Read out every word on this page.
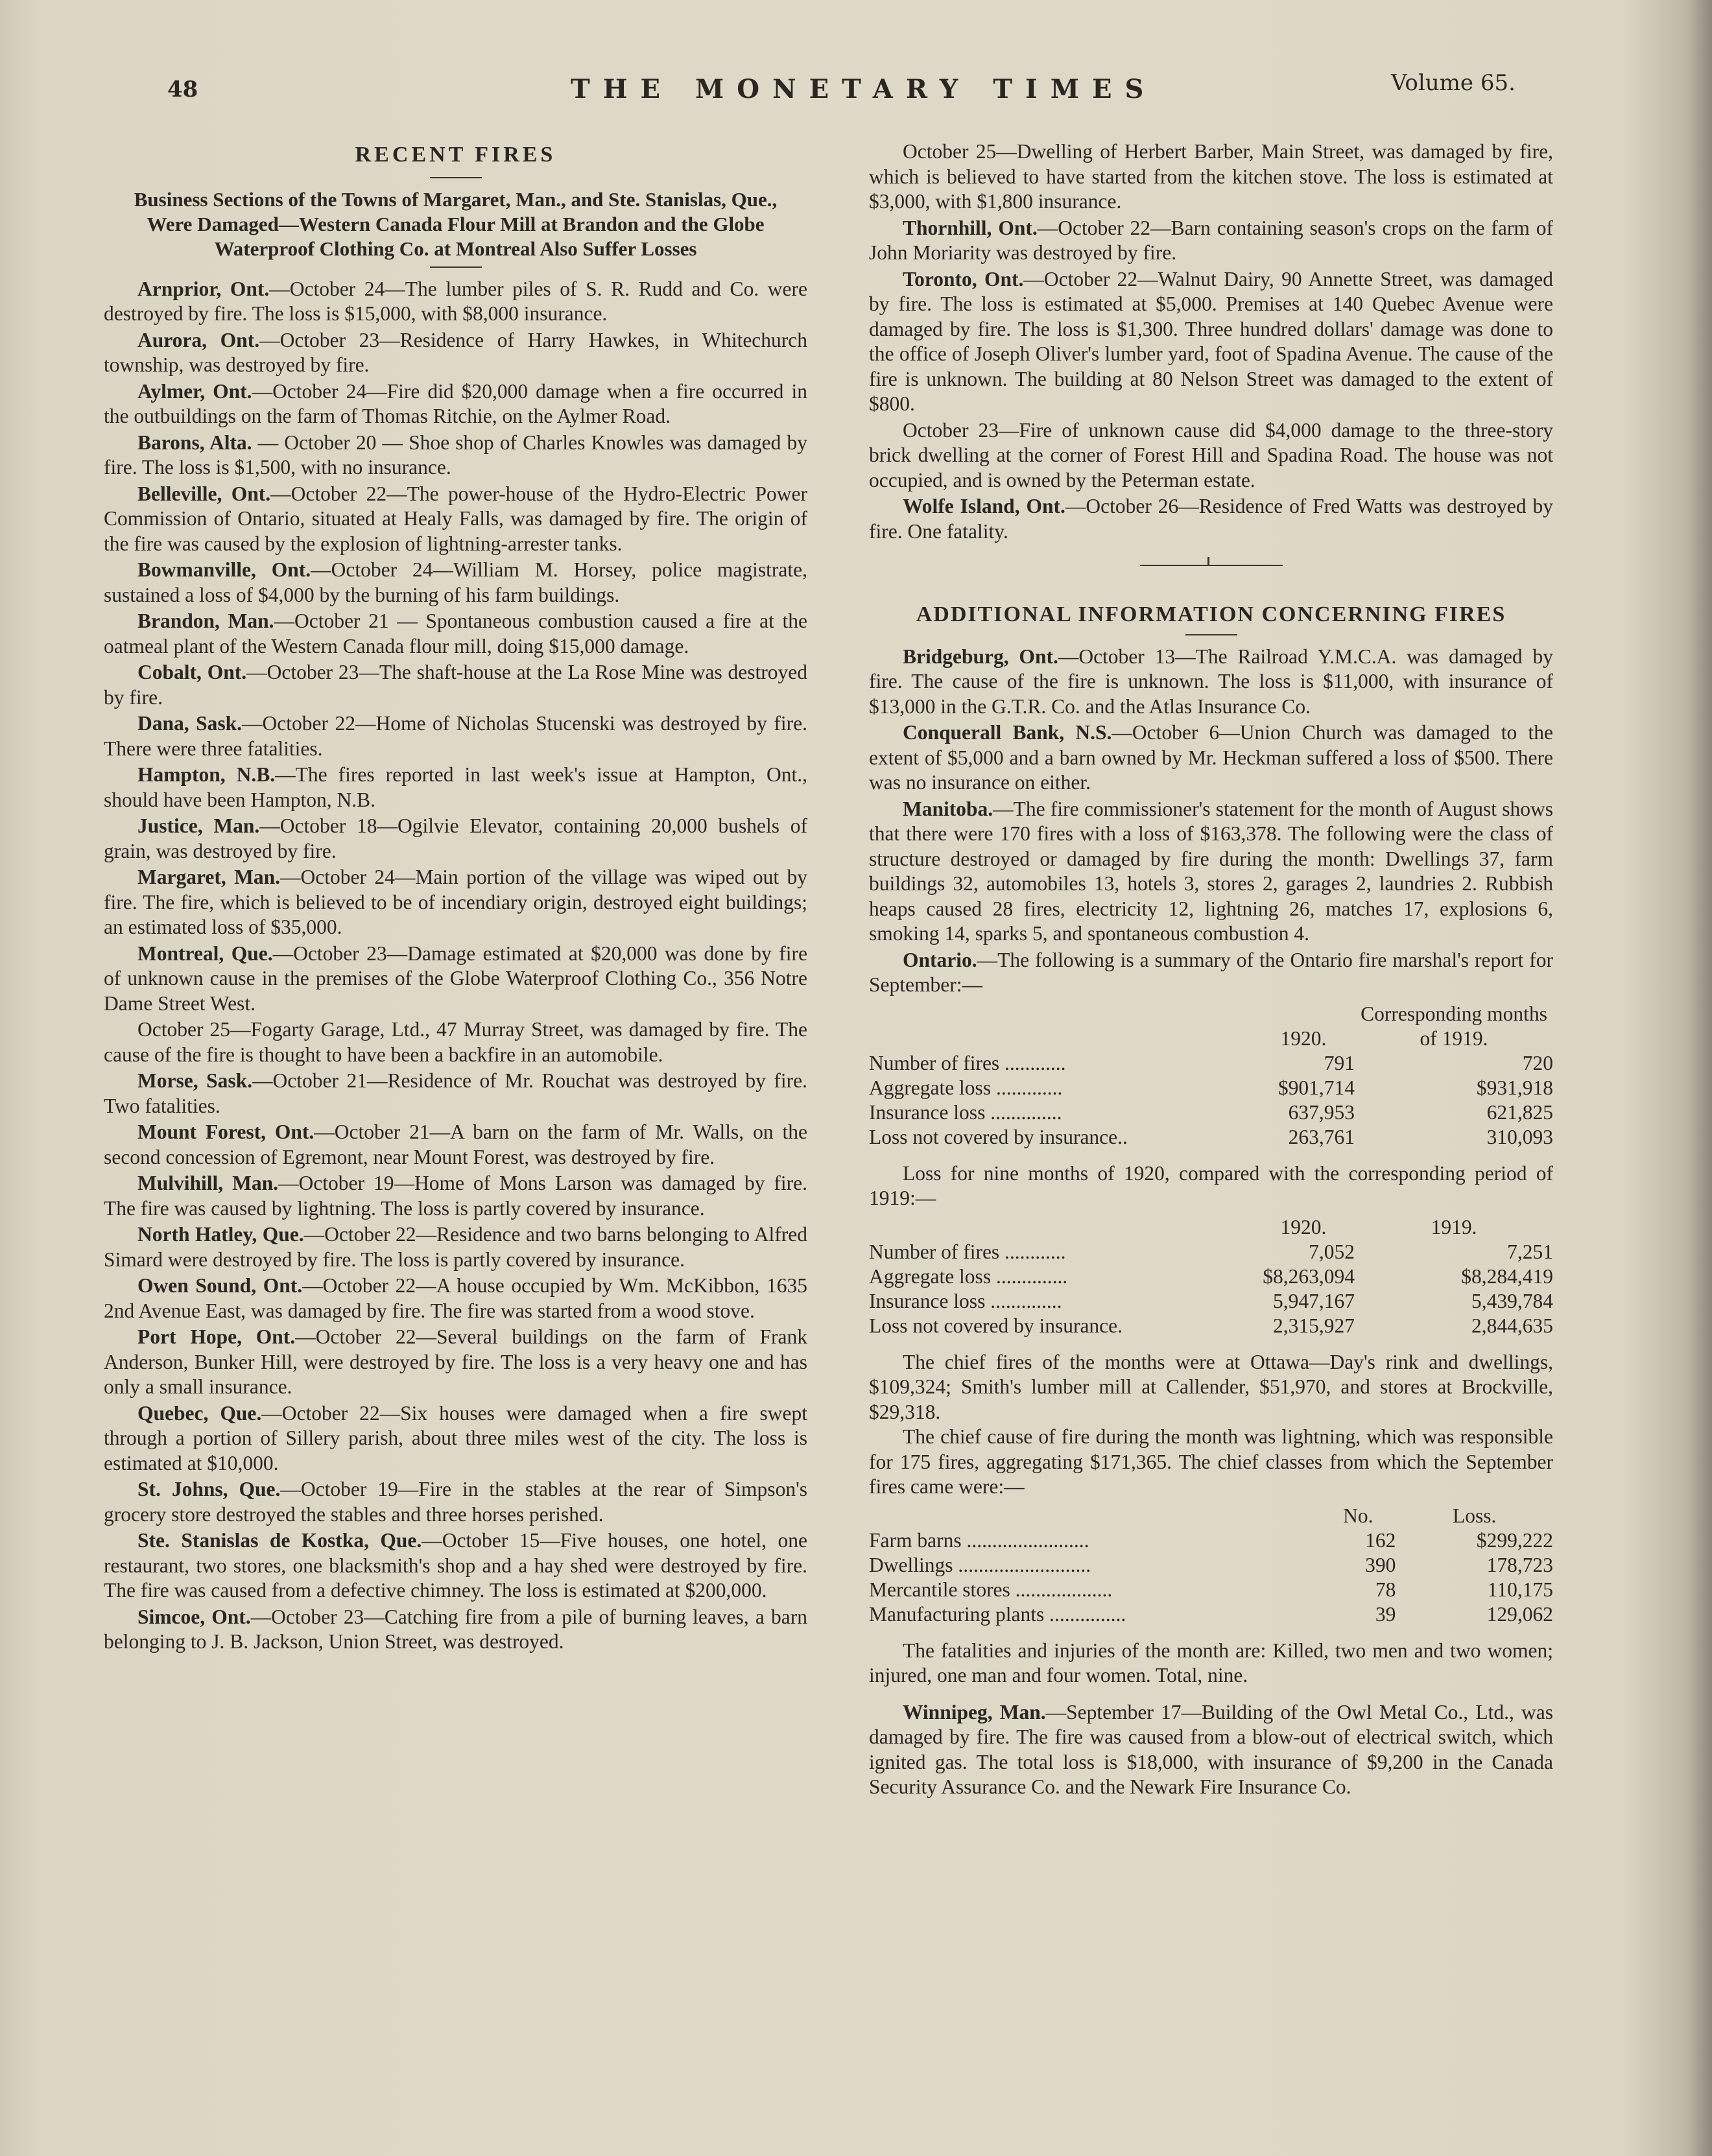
48	THE MONETARY TIMES	Volume 65.
RECENT FIRES
Business Sections of the Towns of Margaret, Man., and Ste. Stanislas, Que., Were Damaged—Western Canada Flour Mill at Brandon and the Globe Waterproof Clothing Co. at Montreal Also Suffer Losses
Arnprior, Ont.—October 24—The lumber piles of S. R. Rudd and Co. were destroyed by fire. The loss is $15,000, with $8,000 insurance.
Aurora, Ont.—October 23—Residence of Harry Hawkes, in Whitechurch township, was destroyed by fire.
Aylmer, Ont.—October 24—Fire did $20,000 damage when a fire occurred in the outbuildings on the farm of Thomas Ritchie, on the Aylmer Road.
Barons, Alta. — October 20 — Shoe shop of Charles Knowles was damaged by fire. The loss is $1,500, with no insurance.
Belleville, Ont.—October 22—The power-house of the Hydro-Electric Power Commission of Ontario, situated at Healy Falls, was damaged by fire. The origin of the fire was caused by the explosion of lightning-arrester tanks.
Bowmanville, Ont.—October 24—William M. Horsey, police magistrate, sustained a loss of $4,000 by the burning of his farm buildings.
Brandon, Man.—October 21 — Spontaneous combustion caused a fire at the oatmeal plant of the Western Canada flour mill, doing $15,000 damage.
Cobalt, Ont.—October 23—The shaft-house at the La Rose Mine was destroyed by fire.
Dana, Sask.—October 22—Home of Nicholas Stucenski was destroyed by fire. There were three fatalities.
Hampton, N.B.—The fires reported in last week's issue at Hampton, Ont., should have been Hampton, N.B.
Justice, Man.—October 18—Ogilvie Elevator, containing 20,000 bushels of grain, was destroyed by fire.
Margaret, Man.—October 24—Main portion of the village was wiped out by fire. The fire, which is believed to be of incendiary origin, destroyed eight buildings; an estimated loss of $35,000.
Montreal, Que.—October 23—Damage estimated at $20,000 was done by fire of unknown cause in the premises of the Globe Waterproof Clothing Co., 356 Notre Dame Street West.
October 25—Fogarty Garage, Ltd., 47 Murray Street, was damaged by fire. The cause of the fire is thought to have been a backfire in an automobile.
Morse, Sask.—October 21—Residence of Mr. Rouchat was destroyed by fire. Two fatalities.
Mount Forest, Ont.—October 21—A barn on the farm of Mr. Walls, on the second concession of Egremont, near Mount Forest, was destroyed by fire.
Mulvihill, Man.—October 19—Home of Mons Larson was damaged by fire. The fire was caused by lightning. The loss is partly covered by insurance.
North Hatley, Que.—October 22—Residence and two barns belonging to Alfred Simard were destroyed by fire. The loss is partly covered by insurance.
Owen Sound, Ont.—October 22—A house occupied by Wm. McKibbon, 1635 2nd Avenue East, was damaged by fire. The fire was started from a wood stove.
Port Hope, Ont.—October 22—Several buildings on the farm of Frank Anderson, Bunker Hill, were destroyed by fire. The loss is a very heavy one and has only a small insurance.
Quebec, Que.—October 22—Six houses were damaged when a fire swept through a portion of Sillery parish, about three miles west of the city. The loss is estimated at $10,000.
St. Johns, Que.—October 19—Fire in the stables at the rear of Simpson's grocery store destroyed the stables and three horses perished.
Ste. Stanislas de Kostka, Que.—October 15—Five houses, one hotel, one restaurant, two stores, one blacksmith's shop and a hay shed were destroyed by fire. The fire was caused from a defective chimney. The loss is estimated at $200,000.
Simcoe, Ont.—October 23—Catching fire from a pile of burning leaves, a barn belonging to J. B. Jackson, Union Street, was destroyed.
October 25—Dwelling of Herbert Barber, Main Street, was damaged by fire, which is believed to have started from the kitchen stove. The loss is estimated at $3,000, with $1,800 insurance.
Thornhill, Ont.—October 22—Barn containing season's crops on the farm of John Moriarity was destroyed by fire.
Toronto, Ont.—October 22—Walnut Dairy, 90 Annette Street, was damaged by fire. The loss is estimated at $5,000. Premises at 140 Quebec Avenue were damaged by fire. The loss is $1,300. Three hundred dollars' damage was done to the office of Joseph Oliver's lumber yard, foot of Spadina Avenue. The cause of the fire is unknown. The building at 80 Nelson Street was damaged to the extent of $800.
October 23—Fire of unknown cause did $4,000 damage to the three-story brick dwelling at the corner of Forest Hill and Spadina Road. The house was not occupied, and is owned by the Peterman estate.
Wolfe Island, Ont.—October 26—Residence of Fred Watts was destroyed by fire. One fatality.
ADDITIONAL INFORMATION CONCERNING FIRES
Bridgeburg, Ont.—October 13—The Railroad Y.M.C.A. was damaged by fire. The cause of the fire is unknown. The loss is $11,000, with insurance of $13,000 in the G.T.R. Co. and the Atlas Insurance Co.
Conquerall Bank, N.S.—October 6—Union Church was damaged to the extent of $5,000 and a barn owned by Mr. Heckman suffered a loss of $500. There was no insurance on either.
Manitoba.—The fire commissioner's statement for the month of August shows that there were 170 fires with a loss of $163,378. The following were the class of structure destroyed or damaged by fire during the month: Dwellings 37, farm buildings 32, automobiles 13, hotels 3, stores 2, garages 2, laundries 2. Rubbish heaps caused 28 fires, electricity 12, lightning 26, matches 17, explosions 6, smoking 14, sparks 5, and spontaneous combustion 4.
Ontario.—The following is a summary of the Ontario fire marshal's report for September:—
	1920.	Corresponding months of 1919.
Number of fires ............	791	720
Aggregate loss .............	$901,714	$931,918
Insurance loss ..............	637,953	621,825
Loss not covered by insurance..	263,761	310,093
Loss for nine months of 1920, compared with the corresponding period of 1919:—
	1920.	1919.
Number of fires ............	7,052	7,251
Aggregate loss ..............	$8,263,094	$8,284,419
Insurance loss ..............	5,947,167	5,439,784
Loss not covered by insurance.	2,315,927	2,844,635
The chief fires of the months were at Ottawa—Day's rink and dwellings, $109,324; Smith's lumber mill at Callender, $51,970, and stores at Brockville, $29,318.
The chief cause of fire during the month was lightning, which was responsible for 175 fires, aggregating $171,365. The chief classes from which the September fires came were:—
	No.	Loss.
Farm barns ........................	162	$299,222
Dwellings ..........................	390	178,723
Mercantile stores ...................	78	110,175
Manufacturing plants ...............	39	129,062
The fatalities and injuries of the month are: Killed, two men and two women; injured, one man and four women. Total, nine.
Winnipeg, Man.—September 17—Building of the Owl Metal Co., Ltd., was damaged by fire. The fire was caused from a blow-out of electrical switch, which ignited gas. The total loss is $18,000, with insurance of $9,200 in the Canada Security Assurance Co. and the Newark Fire Insurance Co.
